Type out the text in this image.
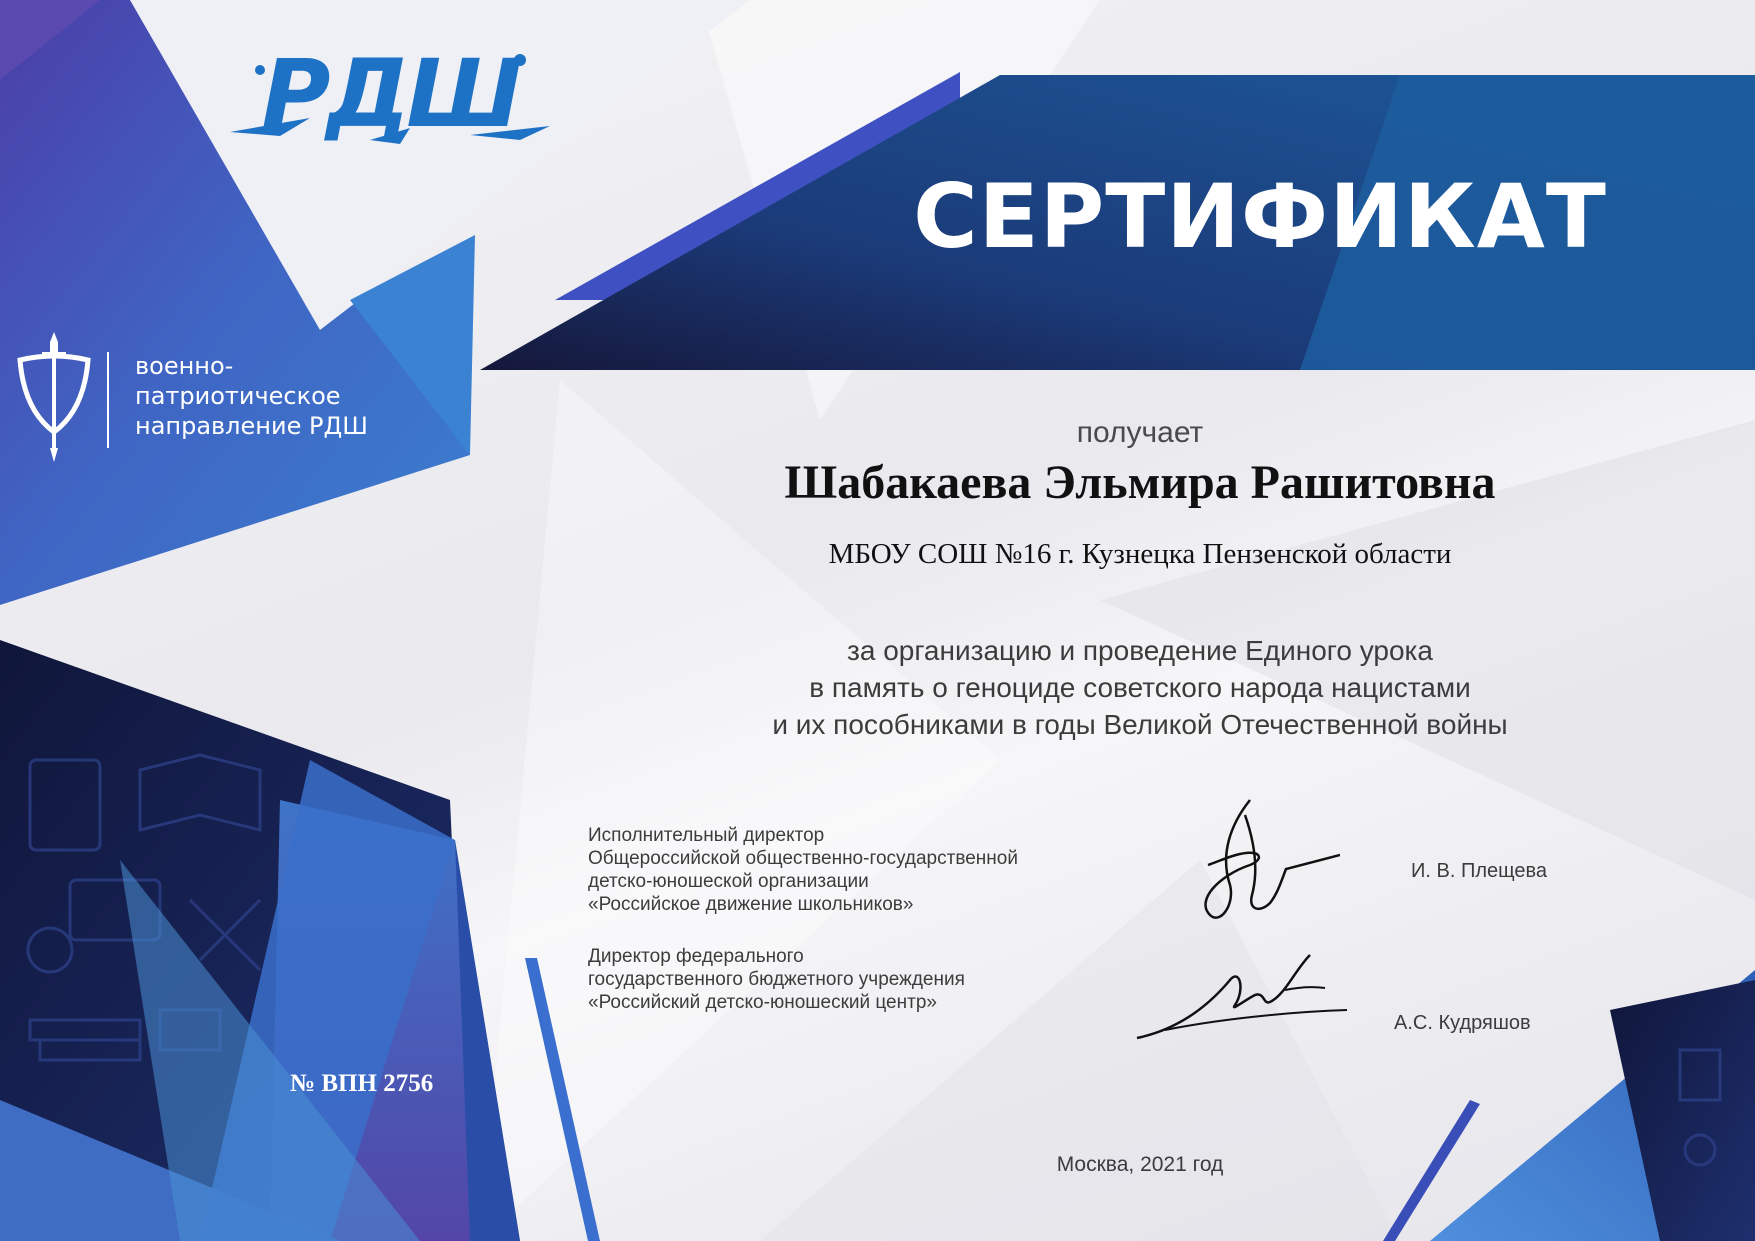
РДШ
СЕРТИФИКАТ
военно-
патриотическое
направление РДШ	получает
Шабакаева Эльмира Рашитовна
МБОУ СОШ №16 г. Кузнецка Пензенской области
за организацию и проведение Единого урока
в память о геноциде советского народа нацистами
и их пособниками в годы Великой Отечественной войны
Исполнительный директор
Общероссийской общественно-государственной
детско-юношеской организации
«Российское движение школьников»
И. В. Плещева
Директор федерального
государственного бюджетного учреждения
«Российский детско-юношеский центр»
А.С. Кудряшов
№ ВПН 2756
Москва, 2021 год
